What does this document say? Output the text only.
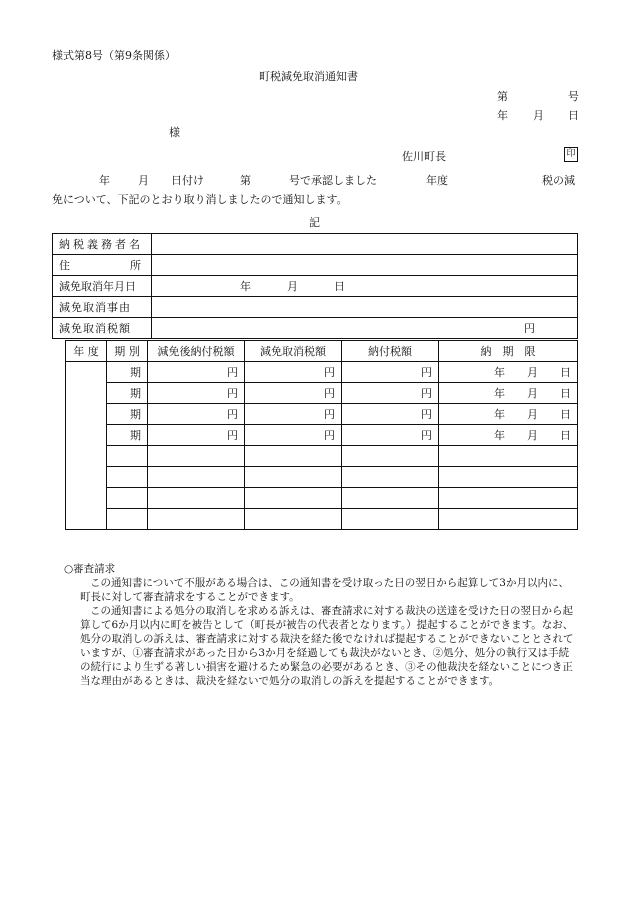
様式第8号（第9条関係）
町税減免取消通知書
第	号
年 月 日
様
佐川町長	印
年	月 日付け	第	号で承認しました	年度	税の減
免について、下記のとおり取り消しましたので通知します。
記
納税義務者名	
住 所	
減免取消年月日	年 月 日
減免取消事由	
減免取消税額	円
年 度	期 別	減免後納付税額	減免取消税額	納付税額	納　期　限
	期	円	円	円	年 月 日
	期	円	円	円	年 月 日
	期	円	円	円	年 月 日
	期	円	円	円	年 月 日

○審査請求
この通知書について不服がある場合は、この通知書を受け取った日の翌日から起算して3か月以内に、町長に対して審査請求をすることができます。
この通知書による処分の取消しを求める訴えは、審査請求に対する裁決の送達を受けた日の翌日から起算して6か月以内に町を被告として（町長が被告の代表者となります。）提起することができます。なお、処分の取消しの訴えは、審査請求に対する裁決を経た後でなければ提起することができないこととされていますが、①審査請求があった日から3か月を経過しても裁決がないとき、②処分、処分の執行又は手続の続行により生ずる著しい損害を避けるため緊急の必要があるとき、③その他裁決を経ないことにつき正当な理由があるときは、裁決を経ないで処分の取消しの訴えを提起することができます。
